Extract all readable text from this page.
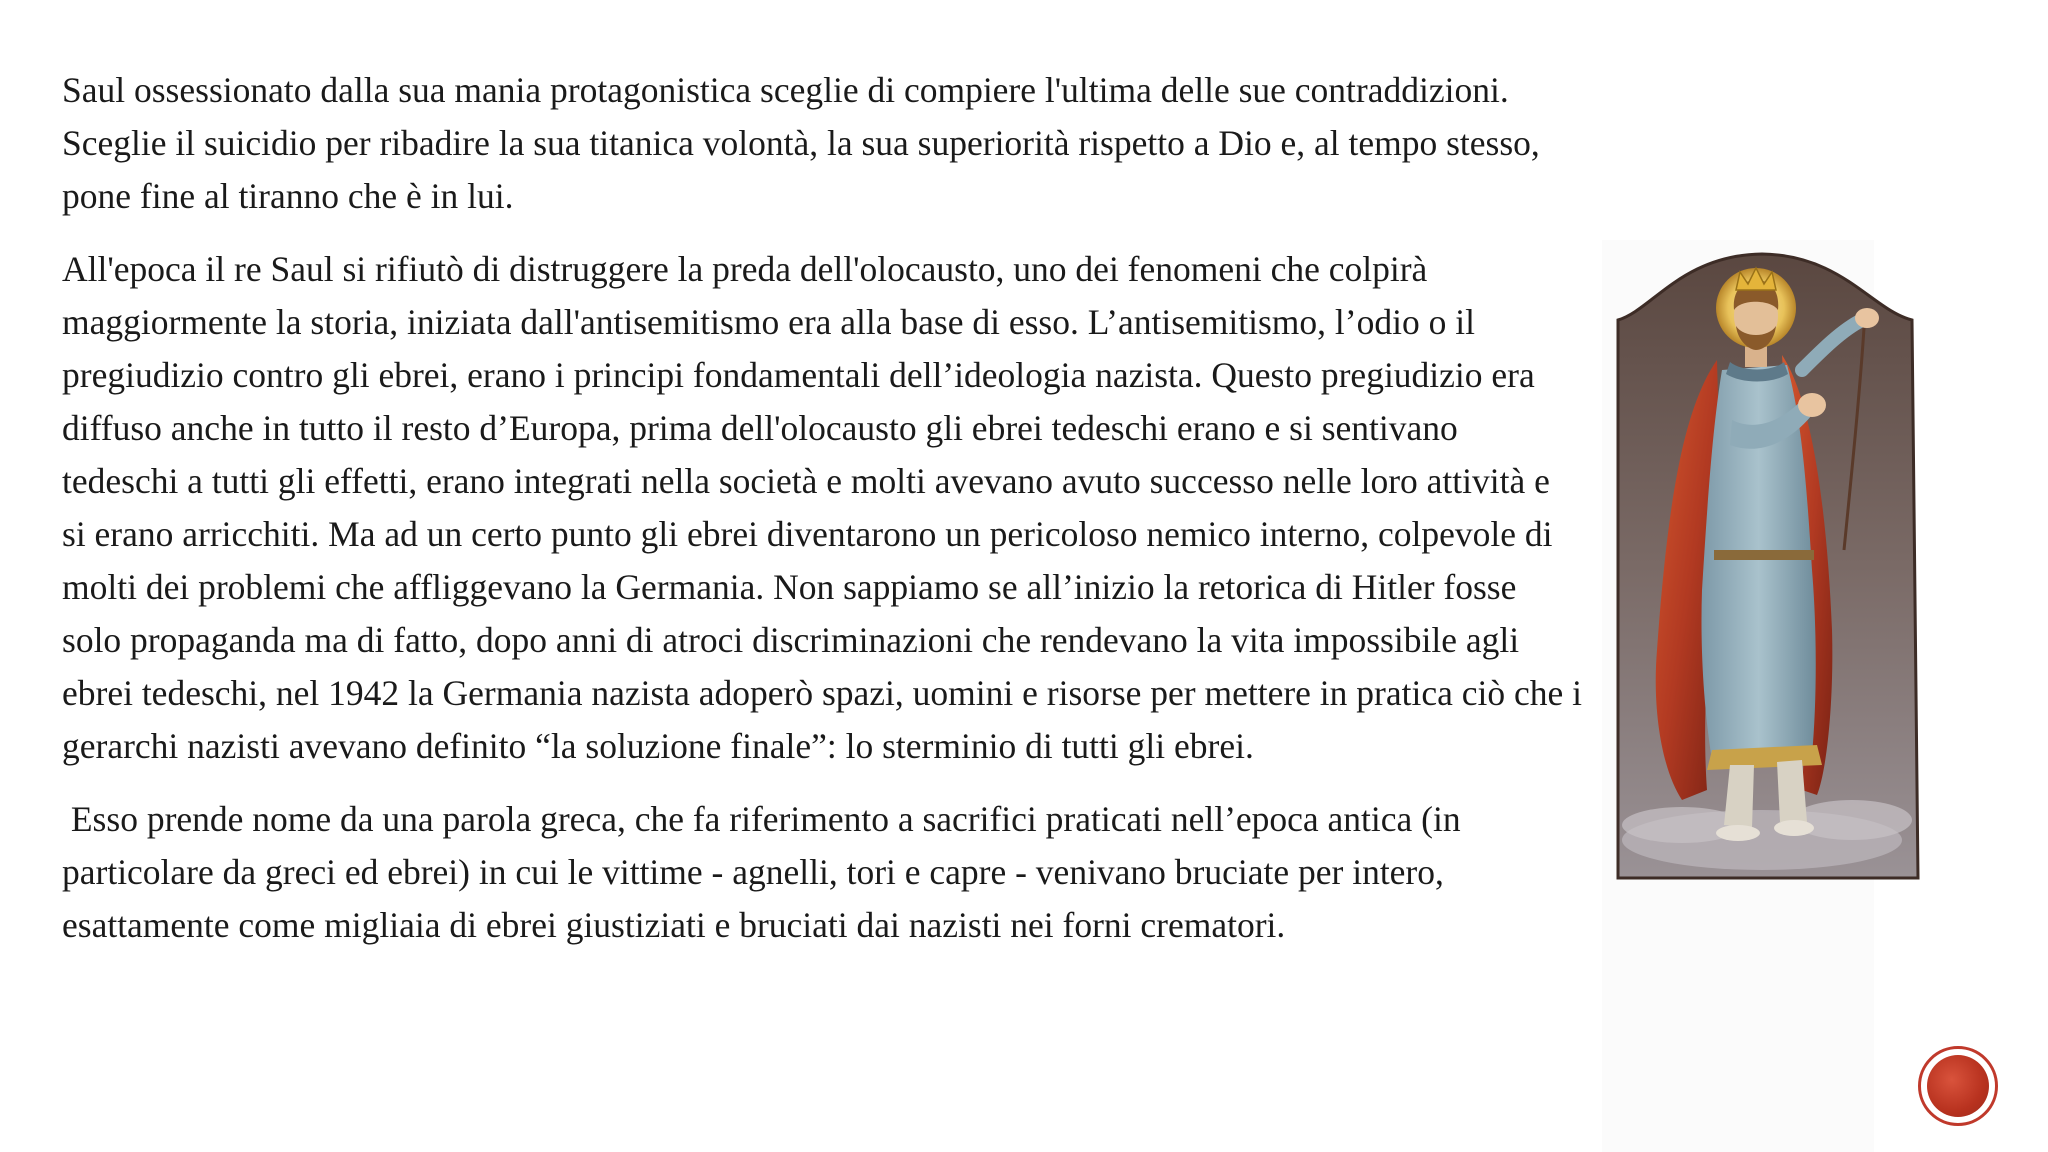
Saul ossessionato dalla sua mania protagonistica sceglie di compiere l'ultima delle sue contraddizioni. Sceglie il suicidio per ribadire la sua titanica volontà, la sua superiorità rispetto a Dio e, al tempo stesso, pone fine al tiranno che è in lui.

All'epoca il re Saul si rifiutò di distruggere la preda dell'olocausto, uno dei fenomeni che colpirà maggiormente la storia, iniziata dall'antisemitismo era alla base di esso. L’antisemitismo, l’odio o il pregiudizio contro gli ebrei, erano i principi fondamentali dell’ideologia nazista. Questo pregiudizio era diffuso anche in tutto il resto d’Europa, prima dell'olocausto gli ebrei tedeschi erano e si sentivano tedeschi a tutti gli effetti, erano integrati nella società e molti avevano avuto successo nelle loro attività e si erano arricchiti. Ma ad un certo punto gli ebrei diventarono un pericoloso nemico interno, colpevole di molti dei problemi che affliggevano la Germania. Non sappiamo se all’inizio la retorica di Hitler fosse solo propaganda ma di fatto, dopo anni di atroci discriminazioni che rendevano la vita impossibile agli ebrei tedeschi, nel 1942 la Germania nazista adoperò spazi, uomini e risorse per mettere in pratica ciò che i gerarchi nazisti avevano definito “la soluzione finale”: lo sterminio di tutti gli ebrei.

Esso prende nome da una parola greca, che fa riferimento a sacrifici praticati nell’epoca antica (in particolare da greci ed ebrei) in cui le vittime - agnelli, tori e capre - venivano bruciate per intero, esattamente come migliaia di ebrei giustiziati e bruciati dai nazisti nei forni crematori.
